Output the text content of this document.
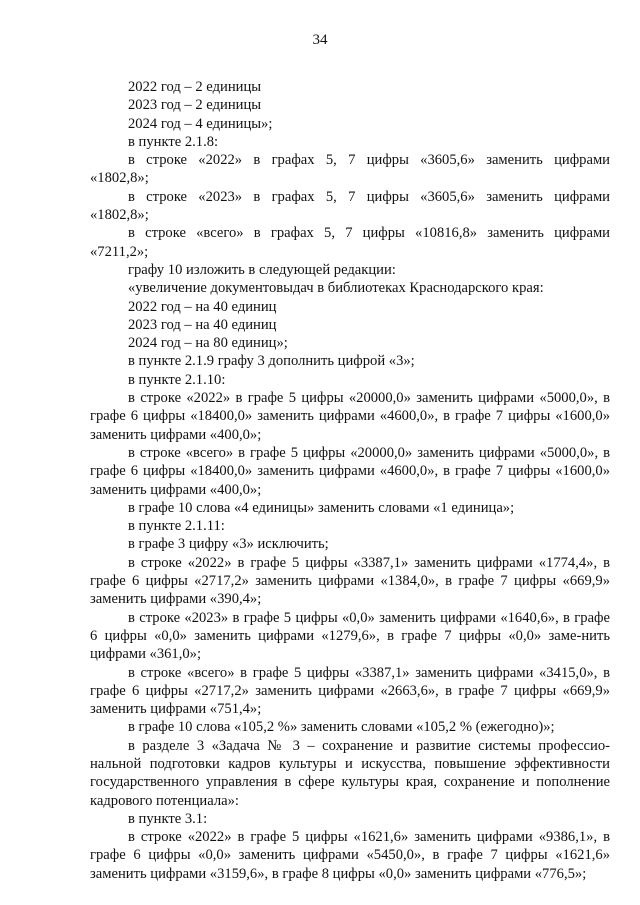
34

2022 год – 2 единицы

2023 год – 2 единицы

2024 год – 4 единицы»;

в пункте 2.1.8:

в строке «2022» в графах 5, 7 цифры «3605,6» заменить цифрами

«1802,8»;

в строке «2023» в графах 5, 7 цифры «3605,6» заменить цифрами

«1802,8»;

в строке «всего» в графах 5, 7 цифры «10816,8» заменить цифрами

«7211,2»;

графу 10 изложить в следующей редакции:

«увеличение документовыдач в библиотеках Краснодарского края:

2022 год – на 40 единиц

2023 год – на 40 единиц

2024 год – на 80 единиц»;

в пункте 2.1.9 графу 3 дополнить цифрой «3»;

в пункте 2.1.10:

в строке «2022» в графе 5 цифры «20000,0» заменить цифрами «5000,0», в графе 6 цифры «18400,0» заменить цифрами «4600,0», в графе 7 цифры «1600,0» заменить цифрами «400,0»;

в строке «всего» в графе 5 цифры «20000,0» заменить цифрами «5000,0», в графе 6 цифры «18400,0» заменить цифрами «4600,0», в графе 7 цифры «1600,0» заменить цифрами «400,0»;

в графе 10 слова «4 единицы» заменить словами «1 единица»;

в пункте 2.1.11:

в графе 3 цифру «3» исключить;

в строке «2022» в графе 5 цифры «3387,1» заменить цифрами «1774,4», в графе 6 цифры «2717,2» заменить цифрами «1384,0», в графе 7 цифры «669,9» заменить цифрами «390,4»;

в строке «2023» в графе 5 цифры «0,0» заменить цифрами «1640,6», в графе 6 цифры «0,0» заменить цифрами «1279,6», в графе 7 цифры «0,0» заме-нить цифрами «361,0»;

в строке «всего» в графе 5 цифры «3387,1» заменить цифрами «3415,0», в графе 6 цифры «2717,2» заменить цифрами «2663,6», в графе 7 цифры «669,9» заменить цифрами «751,4»;

в графе 10 слова «105,2 %» заменить словами «105,2 % (ежегодно)»;

в разделе 3 «Задача № 3 – сохранение и развитие системы профессио-нальной подготовки кадров культуры и искусства, повышение эффективности государственного управления в сфере культуры края, сохранение и пополнение кадрового потенциала»:

в пункте 3.1:

в строке «2022» в графе 5 цифры «1621,6» заменить цифрами «9386,1», в графе 6 цифры «0,0» заменить цифрами «5450,0», в графе 7 цифры «1621,6» заменить цифрами «3159,6», в графе 8 цифры «0,0» заменить цифрами «776,5»;
